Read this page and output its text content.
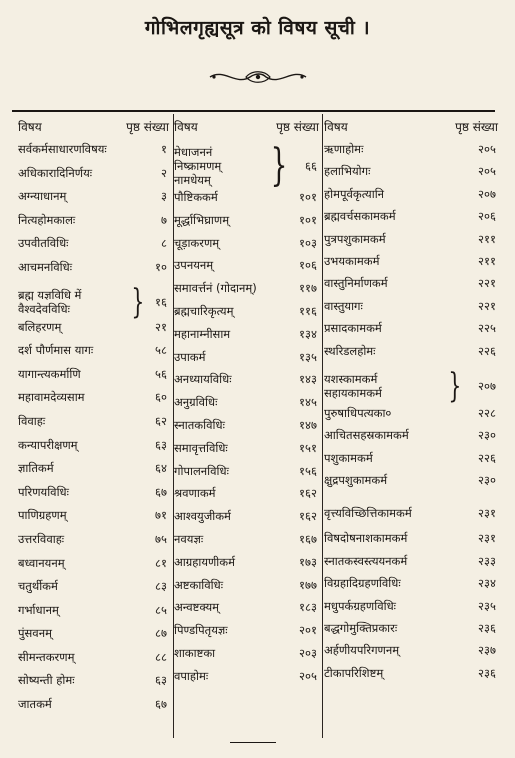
गोभिलगृह्यसूत्र को विषय सूची ।
विषय	पृष्ठ संख्या
सर्वकर्मसाधारणविषयः	१
अधिकारादिनिर्णयः	२
अग्न्याधानम्	३
नित्यहोमकालः	७
उपवीतविधिः	८
आचमनविधिः	१०
ब्रह्म यज्ञविधि में वैश्वदेवविधिः	} १६
बलिहरणम्	२१
दर्श पौर्णमास यागः	५८
यागान्त्यकर्माणि	५६
महावामदेव्यसाम	६०
विवाहः	६२
कन्यापरीक्षणम्	६३
ज्ञातिकर्म	६४
परिणयविधिः	६७
पाणिग्रहणम्	७१
उत्तरविवाहः	७५
बध्वानयनम्	८१
चतुर्थीकर्म	८३
गर्भाधानम्	८५
पुंसवनम्	८७
सीमन्तकरणम्	८८
सोष्यन्ती होमः	६३
जातकर्म	६७
विषय	पृष्ठ संख्या
मेधाजननं निष्क्रामणम् नामधेयम्	}	६६
पौष्टिककर्म	१०१
मूर्द्धाभिघ्राणम्	१०१
चूड़ाकरणम्	१०३
उपनयनम्	१०६
समावर्त्तनं (गोदानम्)	११७
ब्रह्मचारिकृत्यम्	११६
महानाम्नीसाम	१३४
उपाकर्म	१३५
अनध्यायविधिः	१४३
अनुग्रविधिः	१४५
स्नातकविधिः	१४७
समावृत्तविधिः	१५१
गोपालनविधिः	१५६
श्रवणाकर्म	१६२
आश्वयुजीकर्म	१६२
नवयज्ञः	१६७
आग्रहायणीकर्म	१७३
अष्टकाविधिः	१७७
अन्वष्टक्यम्	१८३
पिण्डपितृयज्ञः	२०१
शाकाष्टका	२०३
वपाहोमः	२०५
विषय	पृष्ठ संख्या
ऋणाहोमः	२०५
हलाभियोगः	२०५
होमपूर्वकृत्यानि	२०७
ब्रह्मवर्चसकामकर्म	२०६
पुत्रपशुकामकर्म	२११
उभयकामकर्म	२११
वास्तुनिर्माणकर्म	२२१
वास्तुयागः	२२१
प्रसादकामकर्म	२२५
स्थरिडलहोमः	२२६
यशस्कामकर्म सहायकामकर्म	}	२०७
पुरुषाधिपत्यका०	२२८
आचितसहस्रकामकर्म	२३०
पशुकामकर्म	२२६
क्षुद्रपशुकामकर्म	२३०
वृत्त्यविच्छित्तिकामकर्म	२३१
विषदोषनाशकामकर्म	२३१
स्नातकस्वस्त्ययनकर्म	२३३
विग्रहादिग्रहणविधिः	२३४
मधुपर्कग्रहणविधिः	२३५
बद्धगोमुक्तिप्रकारः	२३६
अर्हणीयपरिगणनम्	२३७
टीकापरिशिष्टम्	२३६
